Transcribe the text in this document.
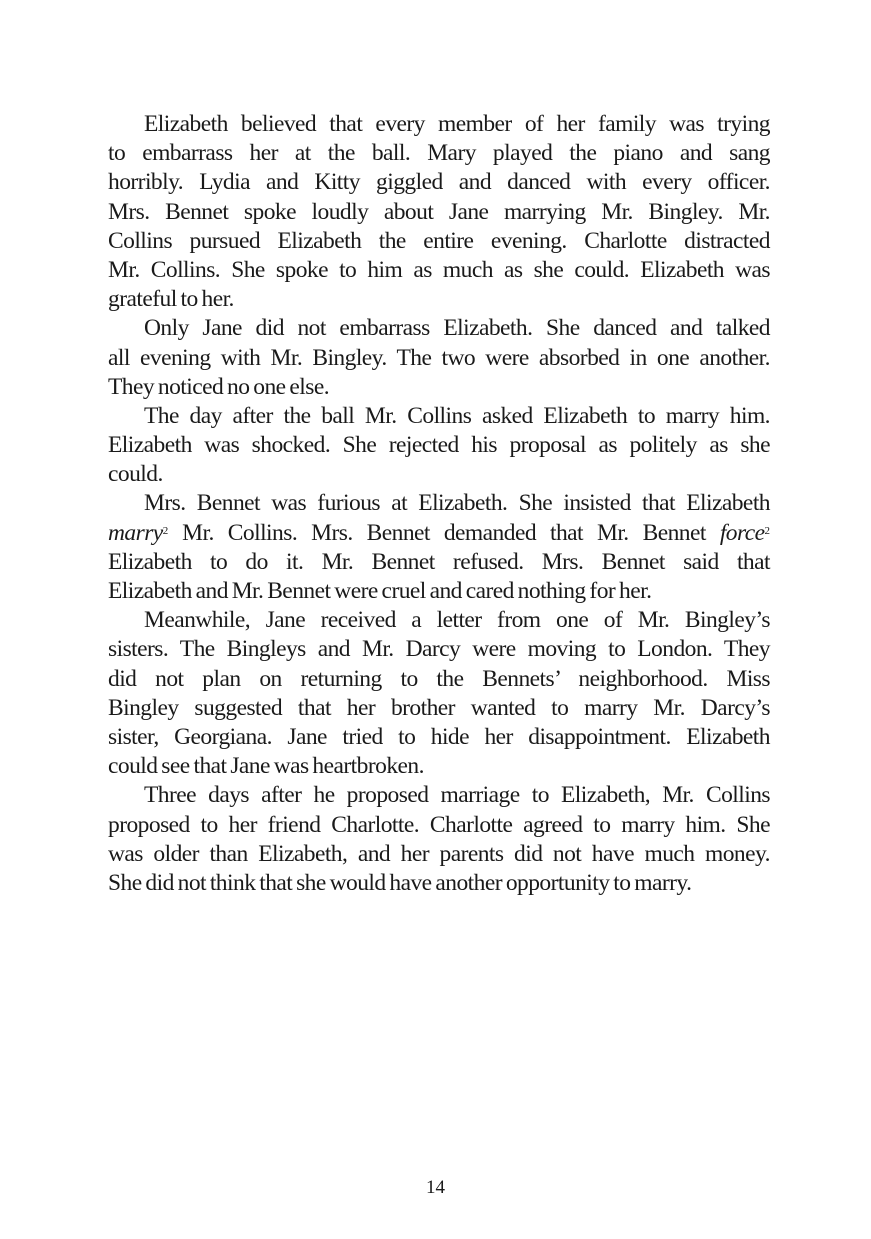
Elizabeth believed that every member of her family was trying
to embarrass her at the ball. Mary played the piano and sang
horribly. Lydia and Kitty giggled and danced with every officer.
Mrs. Bennet spoke loudly about Jane marrying Mr. Bingley. Mr.
Collins pursued Elizabeth the entire evening. Charlotte distracted
Mr. Collins. She spoke to him as much as she could. Elizabeth was
grateful to her.
Only Jane did not embarrass Elizabeth. She danced and talked
all evening with Mr. Bingley. The two were absorbed in one another.
They noticed no one else.
The day after the ball Mr. Collins asked Elizabeth to marry him.
Elizabeth was shocked. She rejected his proposal as politely as she
could.
Mrs. Bennet was furious at Elizabeth. She insisted that Elizabeth
marry$^2$ Mr. Collins. Mrs. Bennet demanded that Mr. Bennet force$^2$
Elizabeth to do it. Mr. Bennet refused. Mrs. Bennet said that
Elizabeth and Mr. Bennet were cruel and cared nothing for her.
Meanwhile, Jane received a letter from one of Mr. Bingley’s
sisters. The Bingleys and Mr. Darcy were moving to London. They
did not plan on returning to the Bennets’ neighborhood. Miss
Bingley suggested that her brother wanted to marry Mr. Darcy’s
sister, Georgiana. Jane tried to hide her disappointment. Elizabeth
could see that Jane was heartbroken.
Three days after he proposed marriage to Elizabeth, Mr. Collins
proposed to her friend Charlotte. Charlotte agreed to marry him. She
was older than Elizabeth, and her parents did not have much money.
She did not think that she would have another opportunity to marry.
14
